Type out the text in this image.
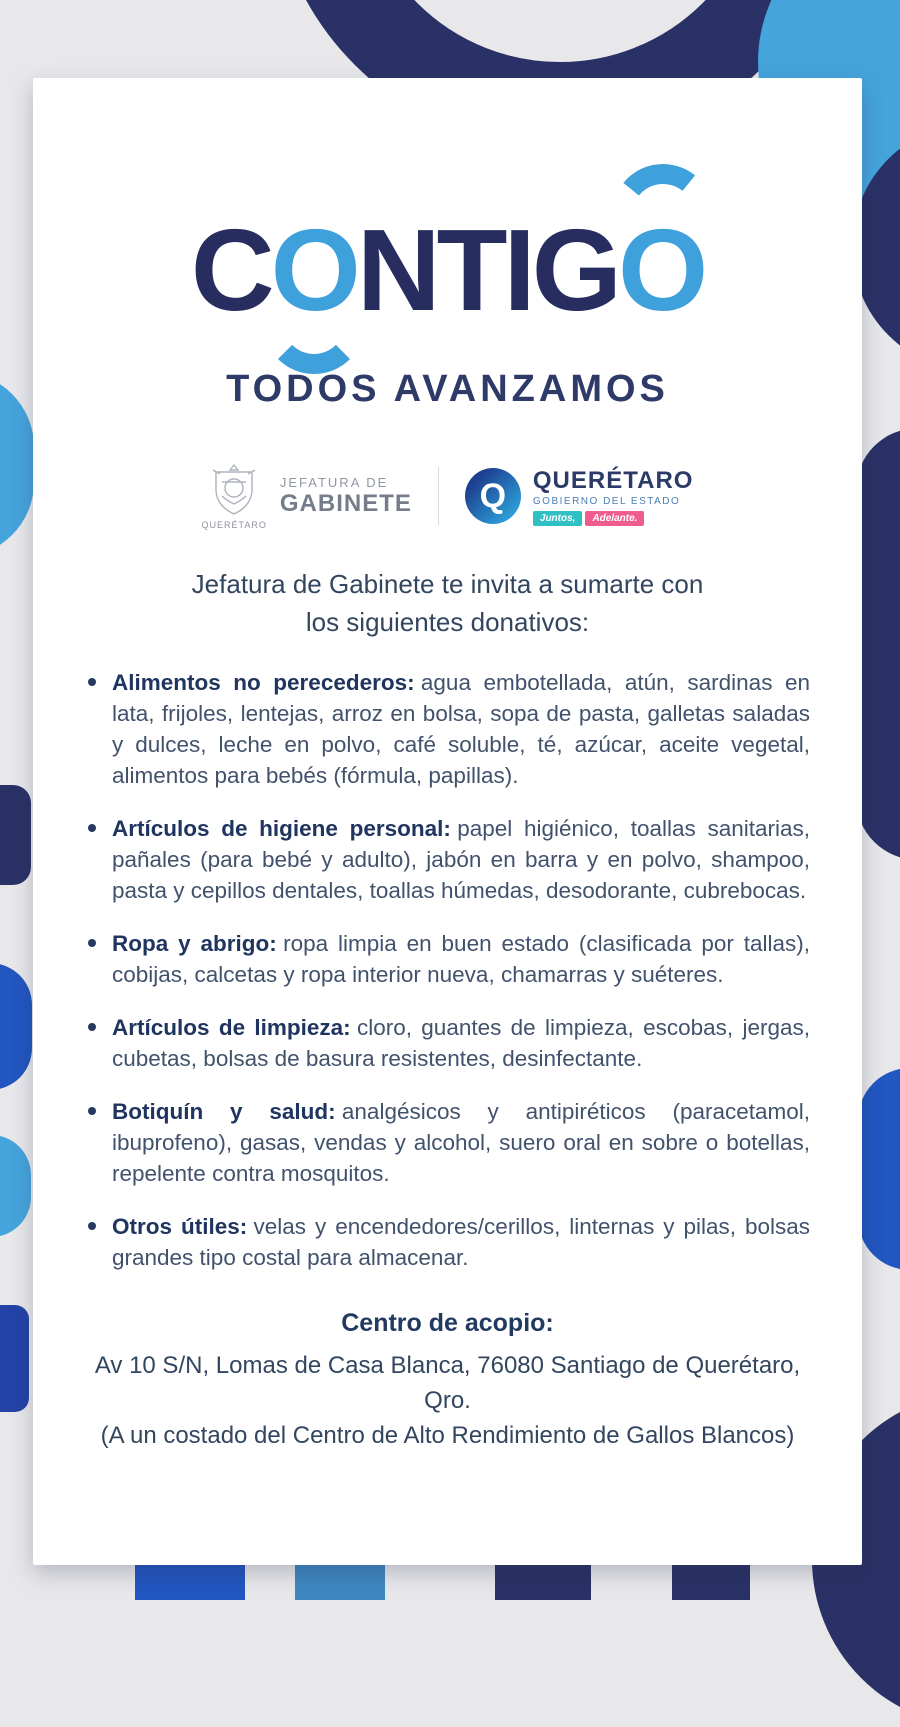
CO
NTIGO
TODOS AVANZAMOS
QUERÉTARO
JEFATURA DE
GABINETE Q QUERÉTARO
GOBIERNO DEL ESTADO
Juntos,	Adelante.
Jefatura de Gabinete te invita a sumarte con
los siguientes donativos:
Alimentos no perecederos: agua embotellada, atún, sardinas en lata, frijoles, lentejas, arroz en bolsa, sopa de pasta, galletas saladas y dulces, leche en polvo, café soluble, té, azúcar, aceite vegetal, alimentos para bebés (fórmula, papillas).
Artículos de higiene personal: papel higiénico, toallas sanitarias, pañales (para bebé y adulto), jabón en barra y en polvo, shampoo, pasta y cepillos dentales, toallas húmedas, desodorante, cubrebocas.
Ropa y abrigo: ropa limpia en buen estado (clasificada por tallas), cobijas, calcetas y ropa interior nueva, chamarras y suéteres.
Artículos de limpieza: cloro, guantes de limpieza, escobas, jergas, cubetas, bolsas de basura resistentes, desinfectante.
Botiquín y salud: analgésicos y antipiréticos (paracetamol, ibuprofeno), gasas, vendas y alcohol, suero oral en sobre o botellas, repelente contra mosquitos.
Otros útiles: velas y encendedores/cerillos, linternas y pilas, bolsas grandes tipo costal para almacenar.
Centro de acopio:
Av 10 S/N, Lomas de Casa Blanca, 76080 Santiago de Querétaro, Qro.
(A un costado del Centro de Alto Rendimiento de Gallos Blancos)
